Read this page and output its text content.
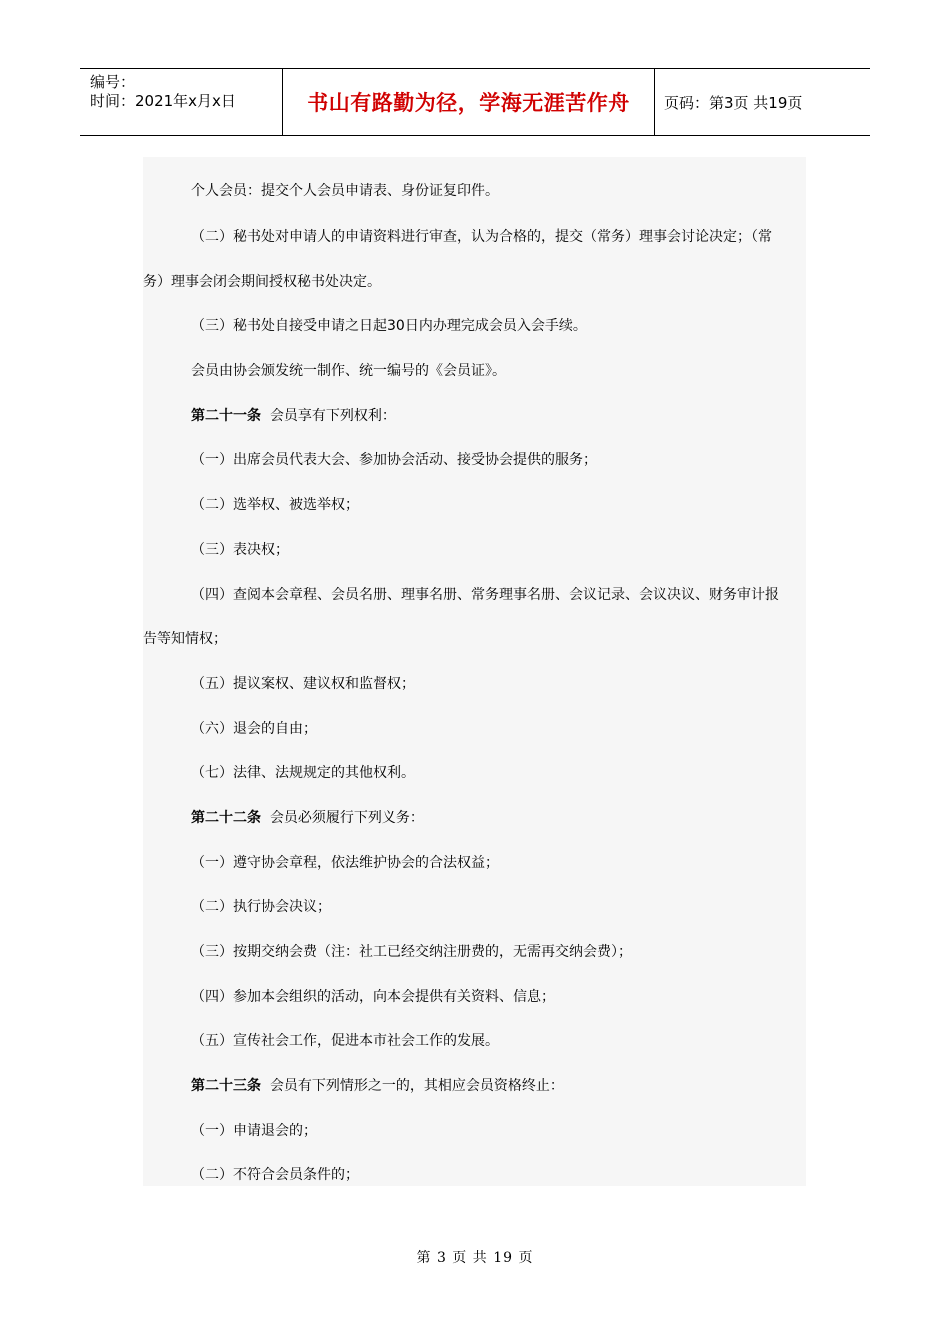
编号：
时间：2021年x月x日	书山有路勤为径，学海无涯苦作舟 页码：第3页 共19页
个人会员：提交个人会员申请表、身份证复印件。
（二）秘书处对申请人的申请资料进行审查，认为合格的，提交（常务）理事会讨论决定；（常
务）理事会闭会期间授权秘书处决定。
（三）秘书处自接受申请之日起30日内办理完成会员入会手续。
会员由协会颁发统一制作、统一编号的《会员证》。
第二十一条 会员享有下列权利：
（一）出席会员代表大会、参加协会活动、接受协会提供的服务；
（二）选举权、被选举权；
（三）表决权；
（四）查阅本会章程、会员名册、理事名册、常务理事名册、会议记录、会议决议、财务审计报
告等知情权；
（五）提议案权、建议权和监督权；
（六）退会的自由；
（七）法律、法规规定的其他权利。
第二十二条 会员必须履行下列义务：
（一）遵守协会章程，依法维护协会的合法权益；
（二）执行协会决议；
（三）按期交纳会费（注：社工已经交纳注册费的，无需再交纳会费）；
（四）参加本会组织的活动，向本会提供有关资料、信息；
（五）宣传社会工作，促进本市社会工作的发展。
第二十三条 会员有下列情形之一的，其相应会员资格终止：
（一）申请退会的；
（二）不符合会员条件的；
第 3 页 共 19 页
